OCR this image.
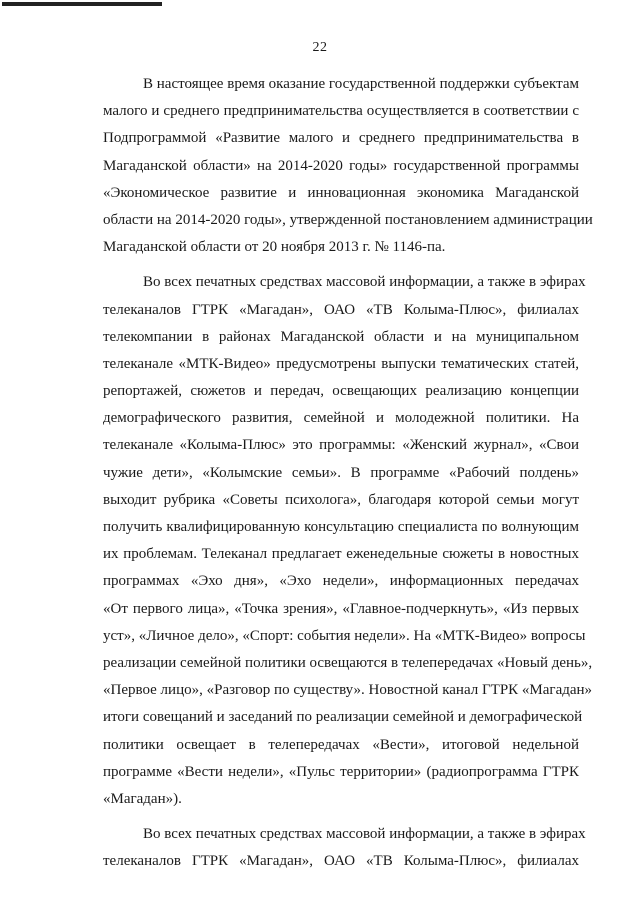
22

В настоящее время оказание государственной поддержки субъектам
малого и среднего предпринимательства осуществляется в соответствии с
Подпрограммой «Развитие малого и среднего предпринимательства в
Магаданской области» на 2014-2020 годы» государственной программы
«Экономическое развитие и инновационная экономика Магаданской
области на 2014-2020 годы», утвержденной постановлением администрации
Магаданской области от 20 ноября 2013 г. № 1146-па.

Во всех печатных средствах массовой информации, а также в эфирах
телеканалов ГТРК «Магадан», ОАО «ТВ Колыма-Плюс», филиалах
телекомпании в районах Магаданской области и на муниципальном
телеканале «МТК-Видео» предусмотрены выпуски тематических статей,
репортажей, сюжетов и передач, освещающих реализацию концепции
демографического развития, семейной и молодежной политики. На
телеканале «Колыма-Плюс» это программы: «Женский журнал», «Свои
чужие дети», «Колымские семьи». В программе «Рабочий полдень»
выходит рубрика «Советы психолога», благодаря которой семьи могут
получить квалифицированную консультацию специалиста по волнующим
их проблемам. Телеканал предлагает еженедельные сюжеты в новостных
программах «Эхо дня», «Эхо недели», информационных передачах
«От первого лица», «Точка зрения», «Главное-подчеркнуть», «Из первых
уст», «Личное дело», «Спорт: события недели». На «МТК-Видео» вопросы
реализации семейной политики освещаются в телепередачах «Новый день»,
«Первое лицо», «Разговор по существу». Новостной канал ГТРК «Магадан»
итоги совещаний и заседаний по реализации семейной и демографической
политики освещает в телепередачах «Вести», итоговой недельной
программе «Вести недели», «Пульс территории» (радиопрограмма ГТРК
«Магадан»).

Во всех печатных средствах массовой информации, а также в эфирах
телеканалов ГТРК «Магадан», ОАО «ТВ Колыма-Плюс», филиалах
